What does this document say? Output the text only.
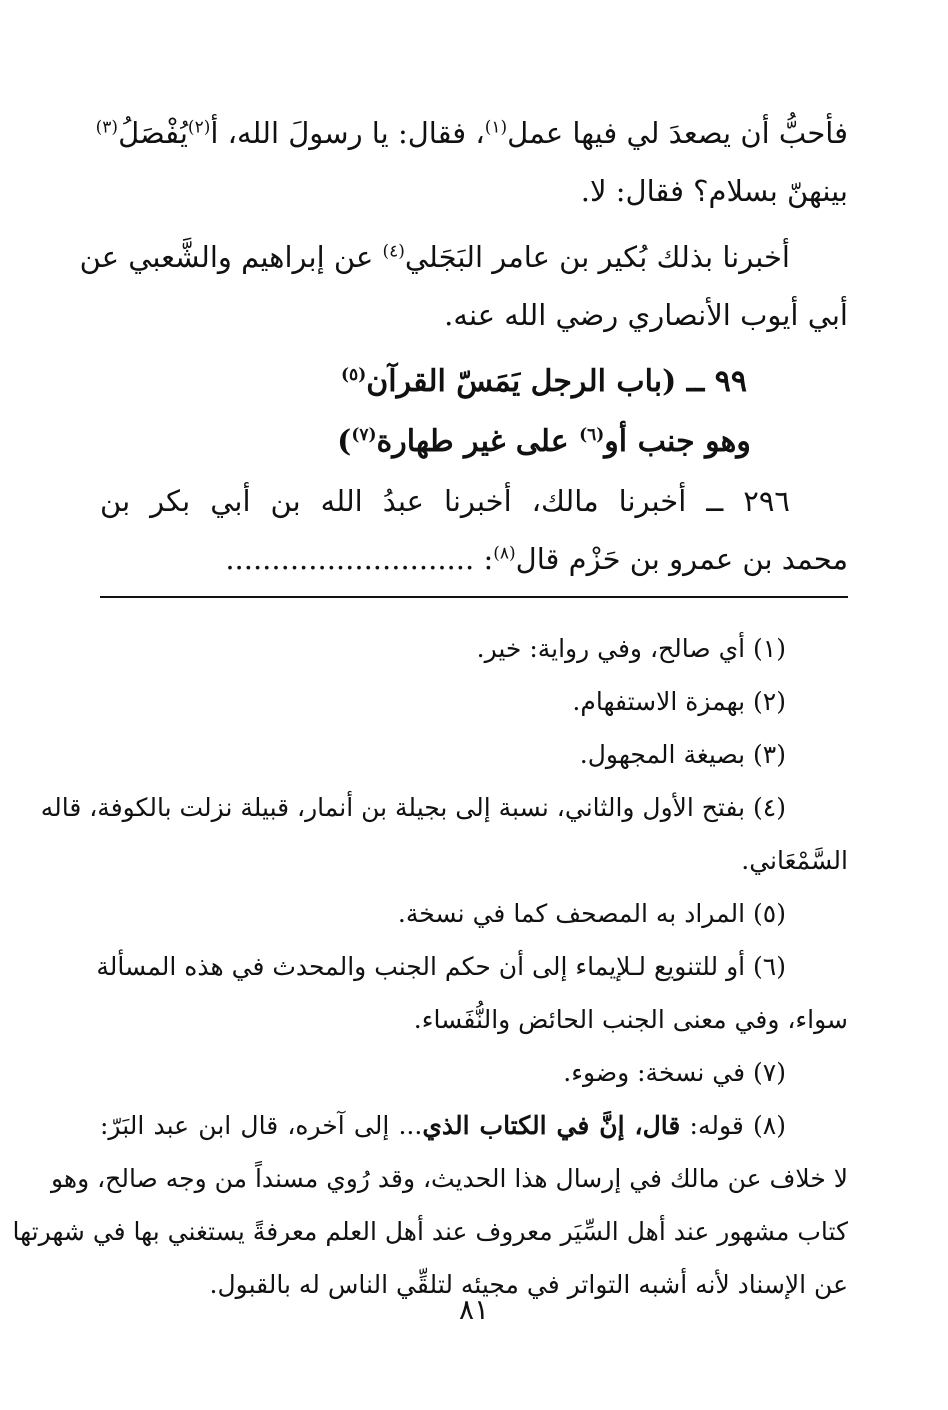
فأحبُّ أن يصعدَ لي فيها عمل$^{(١)}$، فقال: يا رسولَ الله، أ$^{(٢)}$يُفْصَلُ$^{(٣)}$
بينهنّ بسلام؟ فقال: لا.
أخبرنا بذلك بُكير بن عامر البَجَلي$^{(٤)}$ عن إبراهيم والشَّعبي عن
أبي أيوب الأنصاري رضي الله عنه.
٩٩ ــ (باب الرجل يَمَسّ القرآن$^{(٥)}$
وهو جنب أو$^{(٦)}$ على غير طهارة$^{(٧)}$)
٢٩٦ ــ أخبرنا مالك، أخبرنا عبدُ الله بن أبي بكر بن
محمد بن عمرو بن حَزْم قال$^{(٨)}$: ...........................
(١) أي صالح، وفي رواية: خير.
(٢) بهمزة الاستفهام.
(٣) بصيغة المجهول.
(٤) بفتح الأول والثاني، نسبة إلى بجيلة بن أنمار، قبيلة نزلت بالكوفة، قاله
السَّمْعَاني.
(٥) المراد به المصحف كما في نسخة.
(٦) أو للتنويع لـلإيماء إلى أن حكم الجنب والمحدث في هذه المسألة
سواء، وفي معنى الجنب الحائض والنُّفَساء.
(٧) في نسخة: وضوء.
(٨) قوله: قال، إنَّ في الكتاب الذي... إلى آخره، قال ابن عبد البَرّ:
لا خلاف عن مالك في إرسال هذا الحديث، وقد رُوي مسنداً من وجه صالح، وهو
كتاب مشهور عند أهل السِّيَر معروف عند أهل العلم معرفةً يستغني بها في شهرتها
عن الإسناد لأنه أشبه التواتر في مجيئه لتلقِّي الناس له بالقبول.
٨١
